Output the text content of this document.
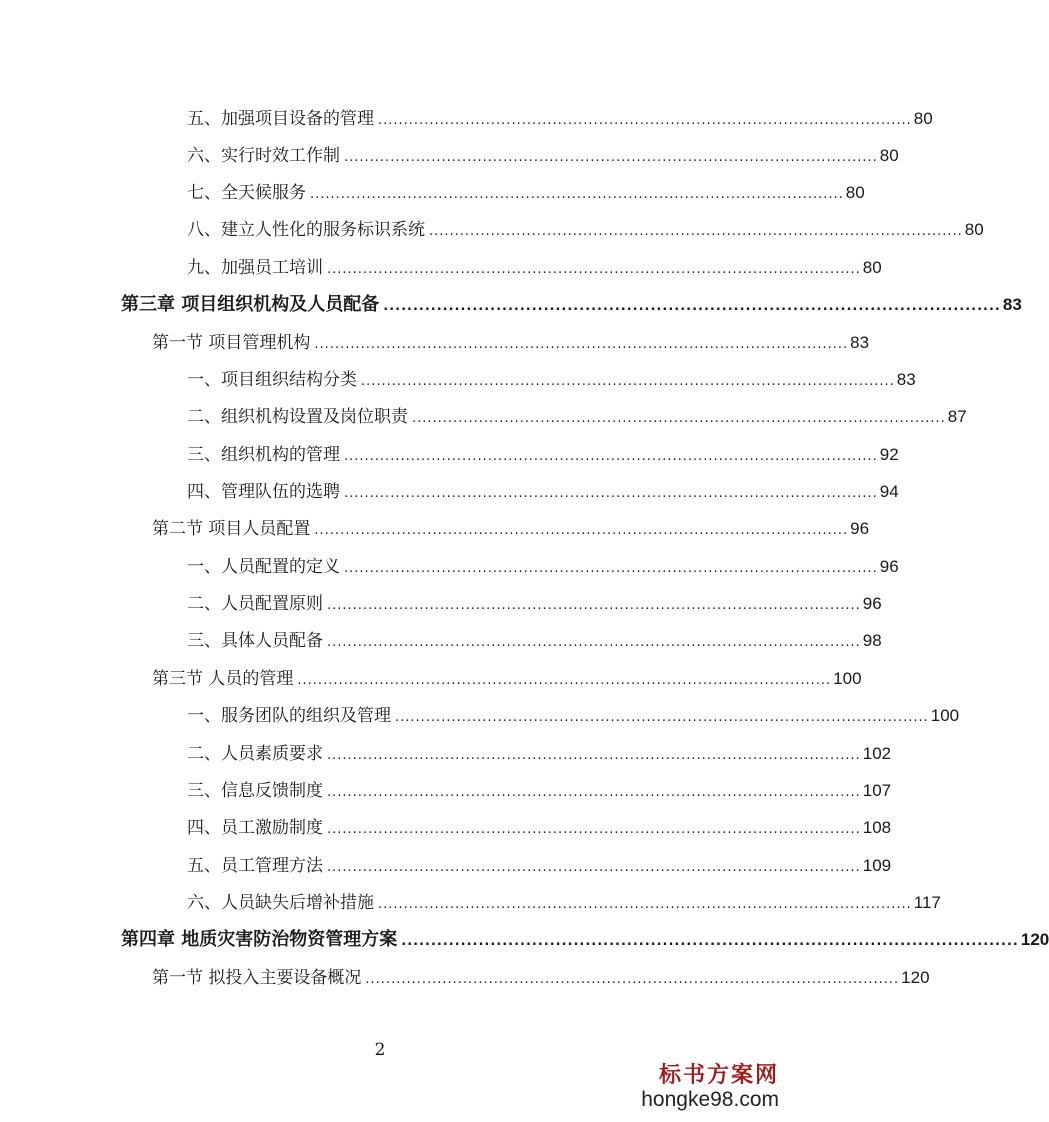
五、加强项目设备的管理 ........................................................................................................ 80
六、实行时效工作制 ........................................................................................................ 80
七、全天候服务 ........................................................................................................ 80
八、建立人性化的服务标识系统 ........................................................................................................ 80
九、加强员工培训 ........................................................................................................ 80
第三章 项目组织机构及人员配备 ........................................................................................................ 83
第一节 项目管理机构 ........................................................................................................ 83
一、项目组织结构分类 ........................................................................................................ 83
二、组织机构设置及岗位职责 ........................................................................................................ 87
三、组织机构的管理 ........................................................................................................ 92
四、管理队伍的选聘 ........................................................................................................ 94
第二节 项目人员配置 ........................................................................................................ 96
一、人员配置的定义 ........................................................................................................ 96
二、人员配置原则 ........................................................................................................ 96
三、具体人员配备 ........................................................................................................ 98
第三节 人员的管理 ........................................................................................................ 100
一、服务团队的组织及管理 ........................................................................................................ 100
二、人员素质要求 ........................................................................................................ 102
三、信息反馈制度 ........................................................................................................ 107
四、员工激励制度 ........................................................................................................ 108
五、员工管理方法 ........................................................................................................ 109
六、人员缺失后增补措施 ........................................................................................................ 117
第四章 地质灾害防治物资管理方案 ........................................................................................................ 120
第一节 拟投入主要设备概况 ........................................................................................................ 120
2
标书方案网
hongke98.com
